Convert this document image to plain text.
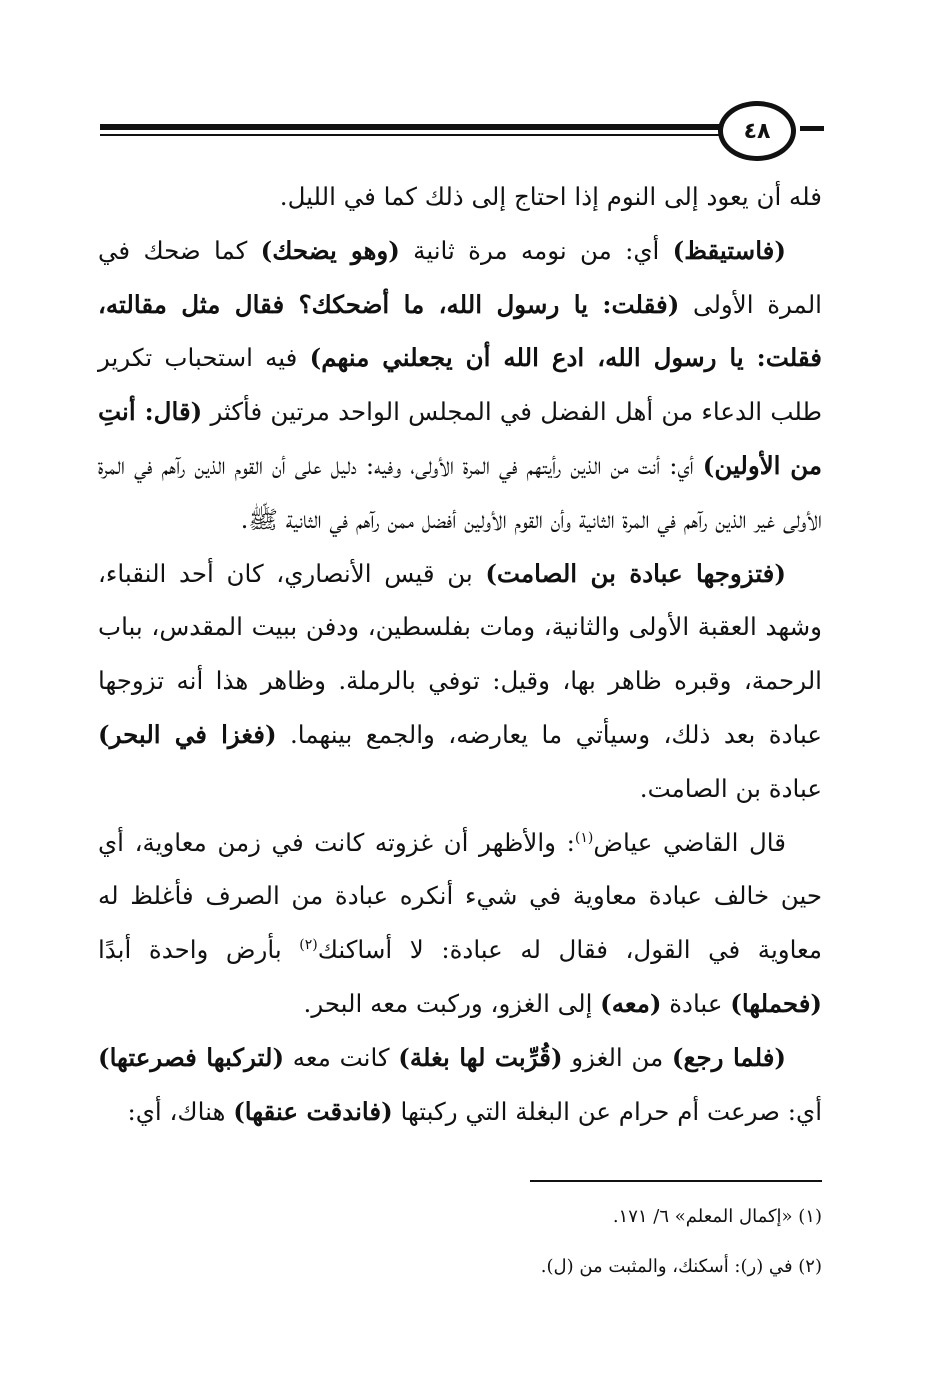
٤٨

فله أن يعود إلى النوم إذا احتاج إلى ذلك كما في الليل.

(فاستيقظ) أي: من نومه مرة ثانية (وهو يضحك) كما ضحك في المرة الأولى (فقلت: يا رسول الله، ما أضحكك؟ فقال مثل مقالته، فقلت: يا رسول الله، ادع الله أن يجعلني منهم) فيه استحباب تكرير طلب الدعاء من أهل الفضل في المجلس الواحد مرتين فأكثر (قال: أنتِ من الأولين) أي: أنت من الذين رأيتهم في المرة الأولى، وفيه: دليل على أن القوم الذين رآهم في المرة الأولى غير الذين رآهم في المرة الثانية وأن القوم الأولين أفضل ممن رآهم في الثانية ﷺ.

(فتزوجها عبادة بن الصامت) بن قيس الأنصاري، كان أحد النقباء، وشهد العقبة الأولى والثانية، ومات بفلسطين، ودفن ببيت المقدس، بباب الرحمة، وقبره ظاهر بها، وقيل: توفي بالرملة. وظاهر هذا أنه تزوجها عبادة بعد ذلك، وسيأتي ما يعارضه، والجمع بينهما. (فغزا في البحر) عبادة بن الصامت.

قال القاضي عياض$^{(١)}$: والأظهر أن غزوته كانت في زمن معاوية، أي حين خالف عبادة معاوية في شيء أنكره عبادة من الصرف فأغلظ له معاوية في القول، فقال له عبادة: لا أساكنك$^{(٢)}$ بأرض واحدة أبدًا (فحملها) عبادة (معه) إلى الغزو، وركبت معه البحر.

(فلما رجع) من الغزو (قُرِّبت لها بغلة) كانت معه (لتركبها فصرعتها) أي: صرعت أم حرام عن البغلة التي ركبتها (فاندقت عنقها) هناك، أي:

(١) «إكمال المعلم» ٦/ ١٧١.
(٢) في (ر): أسكنك، والمثبت من (ل).
